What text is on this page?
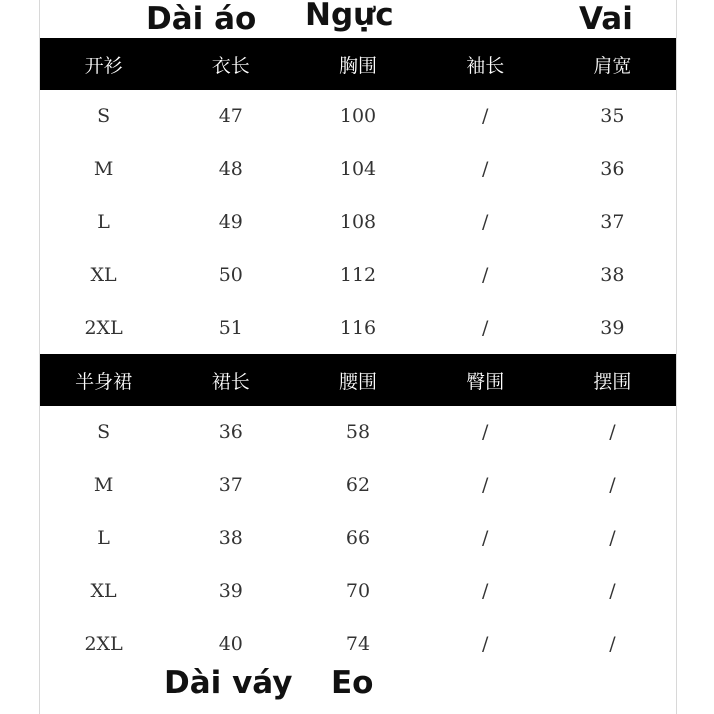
Dài áo Ngực	Vai
开衫	衣长	胸围	袖长	肩宽
S	47	100	/	35
M	48	104	/	36
L	49	108	/	37
XL	50	112	/	38
2XL	51	116	/	39
半身裙	裙长	腰围	臀围	摆围
S	36	58	/	/
M	37	62	/	/
L	38	66	/	/
XL	39	70	/	/
2XL	40	74	/	/
Dài váy Eo
